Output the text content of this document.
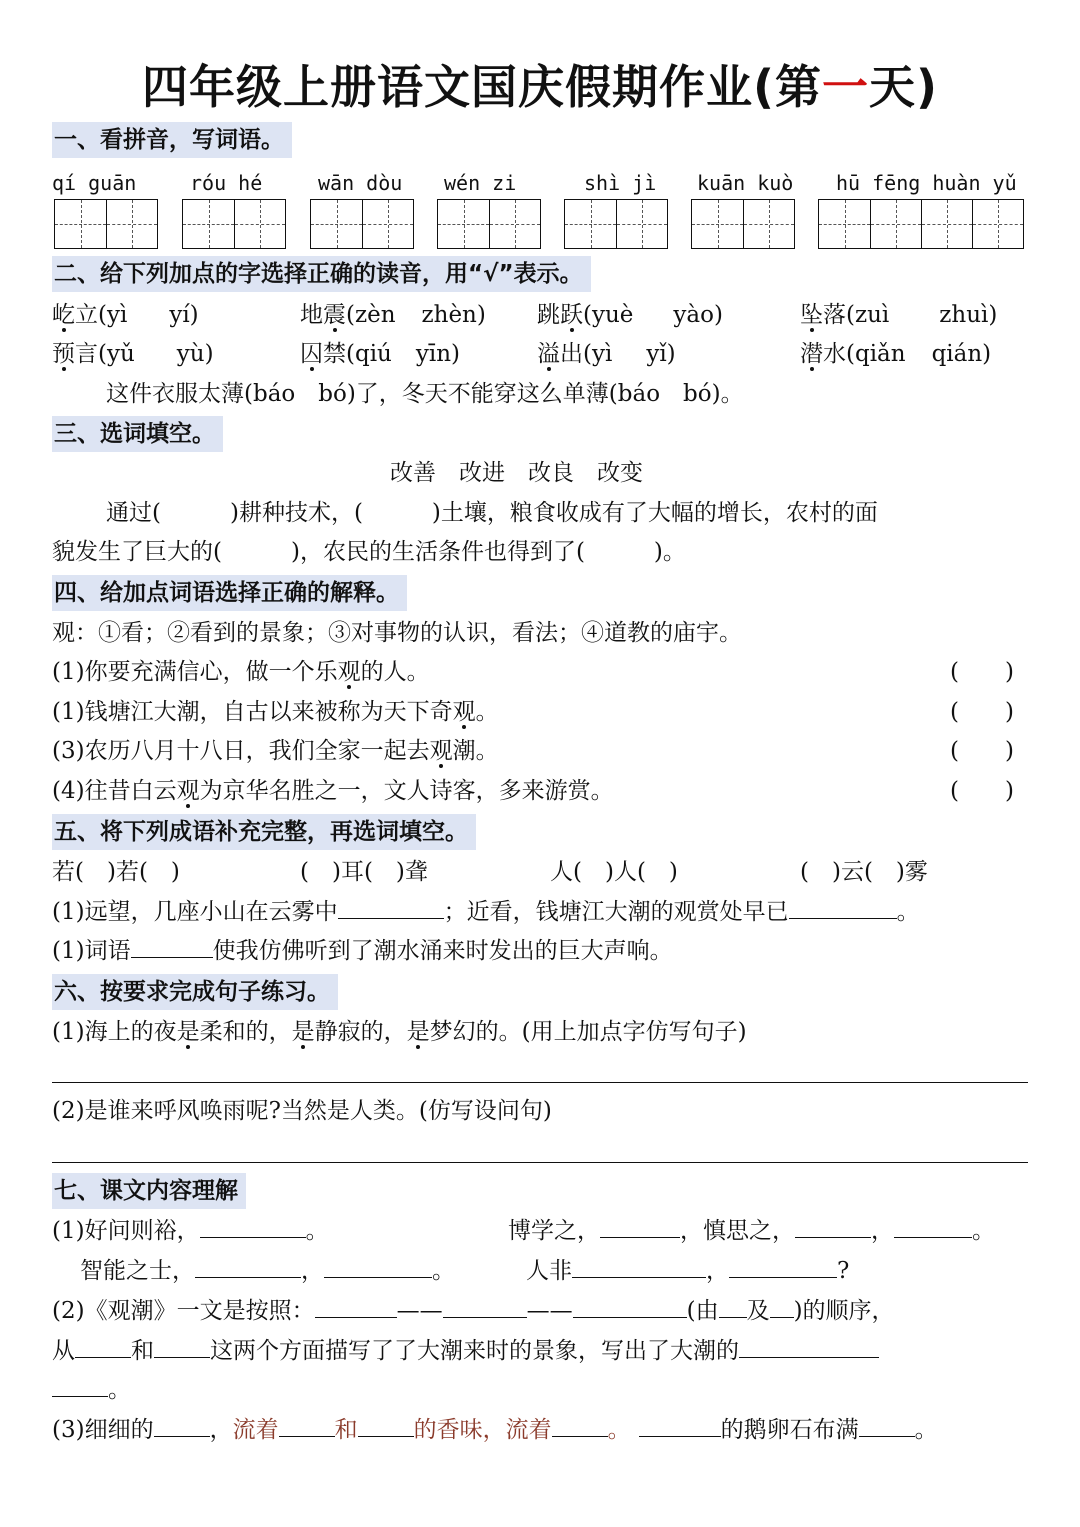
四年级上册语文国庆假期作业(第一天)
一、看拼音，写词语。
qí guān	róu hé	wān dòu wén zi	shì jì kuān kuò hū fēng huàn yǔ
二、给下列加点的字选择正确的读音，用“√”表示。
屹立(yì yí)	地震(zèn zhèn) 跳跃(yuè yào)	坠落(zuì zhuì)
预言(yǔ yù)	囚禁(qiú yīn)	溢出(yì yǐ)	潜水(qiǎn qián)
这件衣服太薄(báo　bó)了，冬天不能穿这么单薄(báo　bó)。
三、选词填空。
改善　改进　改良　改变
通过(　　　)耕种技术，(　　　)土壤，粮食收成有了大幅的增长，农村的面
貌发生了巨大的(　　　)，农民的生活条件也得到了(　　　)。
四、给加点词语选择正确的解释。
观：①看；②看到的景象；③对事物的认识，看法；④道教的庙宇。
(1)你要充满信心，做一个乐观的人。	(　　)
(1)钱塘江大潮，自古以来被称为天下奇观。	(　　)
(3)农历八月十八日，我们全家一起去观潮。	(　　)
(4)往昔白云观为京华名胜之一，文人诗客，多来游赏。	(　　)
五、将下列成语补充完整，再选词填空。
若(　)若(　)	(　)耳(　)聋	人(　)人(　)	(　)云(　)雾
(1)远望，几座小山在云雾中	；近看，钱塘江大潮的观赏处早已	。
(1)词语	使我仿佛听到了潮水涌来时发出的巨大声响。
六、按要求完成句子练习。
(1)海上的夜是柔和的，是静寂的，是梦幻的。(用上加点字仿写句子)
(2)是谁来呼风唤雨呢?当然是人类。(仿写设问句)
七、课文内容理解
(1)好问则裕，	。	博学之，	，慎思之，	，	。
智能之士，	，	。	人非	，	?
(2)《观潮》一文是按照：	——	——	(由 及 )的顺序，
从 和 这两个方面描写了了大潮来时的景象，写出了大潮的
。
(3)细细的 ，流着 和 的香味，流着 。	的鹅卵石布满 。
